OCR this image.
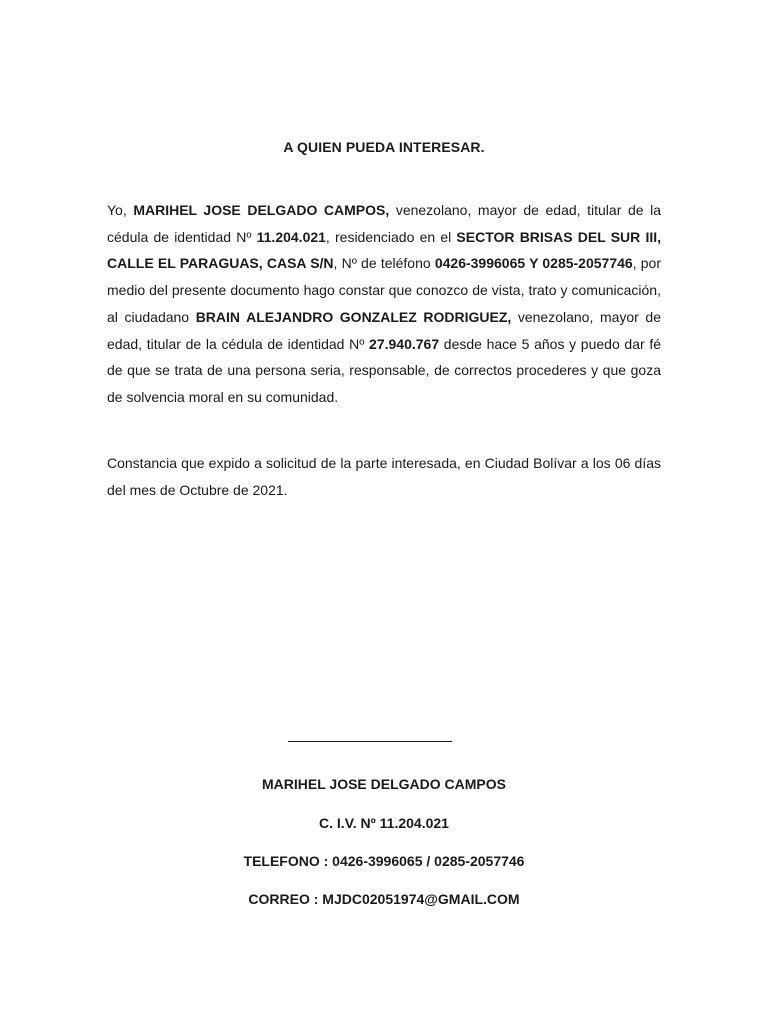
A QUIEN PUEDA INTERESAR.
Yo, MARIHEL JOSE DELGADO CAMPOS, venezolano, mayor de edad, titular de la cédula de identidad Nº 11.204.021, residenciado en el SECTOR BRISAS DEL SUR III, CALLE EL PARAGUAS, CASA S/N, Nº de teléfono 0426-3996065 Y 0285-2057746, por medio del presente documento hago constar que conozco de vista, trato y comunicación, al ciudadano BRAIN ALEJANDRO GONZALEZ RODRIGUEZ, venezolano, mayor de edad, titular de la cédula de identidad Nº 27.940.767 desde hace 5 años y puedo dar fé de que se trata de una persona seria, responsable, de correctos procederes y que goza de solvencia moral en su comunidad.
Constancia que expido a solicitud de la parte interesada, en Ciudad Bolívar a los 06 días del mes de Octubre de 2021.
MARIHEL JOSE DELGADO CAMPOS
C. I.V. Nº 11.204.021
TELEFONO : 0426-3996065 / 0285-2057746
CORREO : MJDC02051974@GMAIL.COM
